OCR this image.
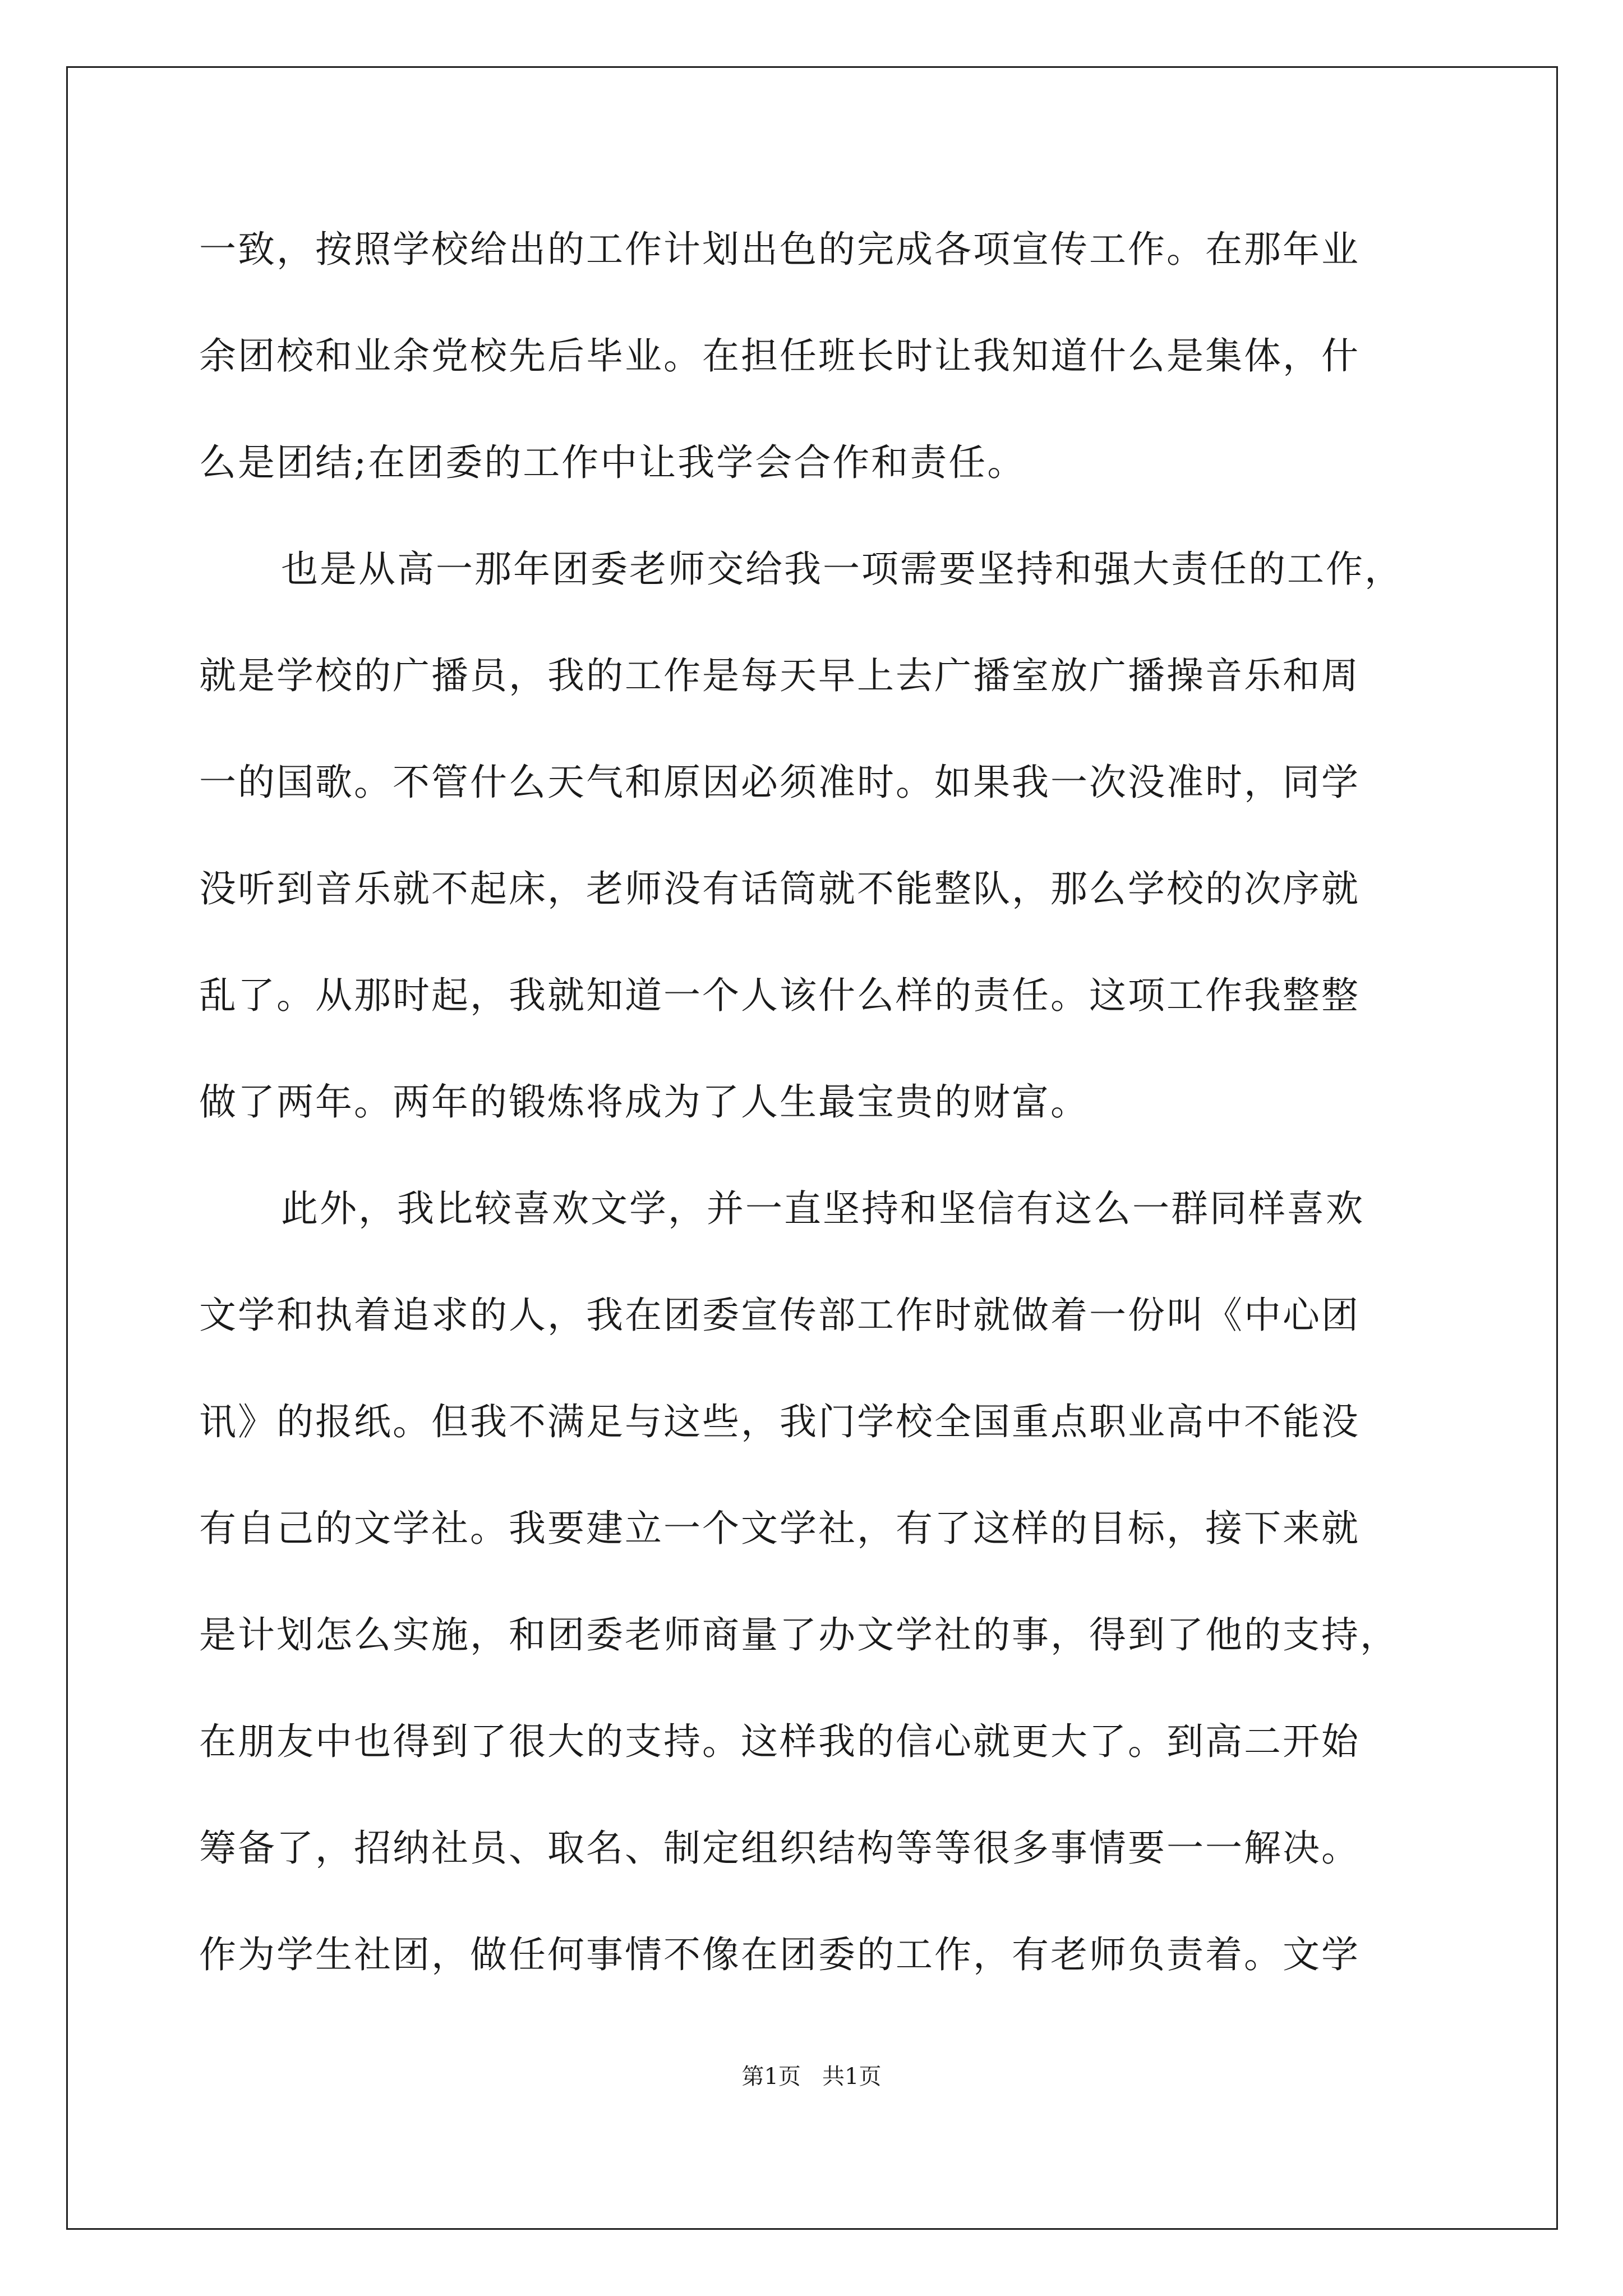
一致，按照学校给出的工作计划出色的完成各项宣传工作。在那年业
余团校和业余党校先后毕业。在担任班长时让我知道什么是集体，什
么是团结;在团委的工作中让我学会合作和责任。
也是从高一那年团委老师交给我一项需要坚持和强大责任的工作，
就是学校的广播员，我的工作是每天早上去广播室放广播操音乐和周
一的国歌。不管什么天气和原因必须准时。如果我一次没准时，同学
没听到音乐就不起床，老师没有话筒就不能整队，那么学校的次序就
乱了。从那时起，我就知道一个人该什么样的责任。这项工作我整整
做了两年。两年的锻炼将成为了人生最宝贵的财富。
此外，我比较喜欢文学，并一直坚持和坚信有这么一群同样喜欢
文学和执着追求的人，我在团委宣传部工作时就做着一份叫《中心团
讯》的报纸。但我不满足与这些，我门学校全国重点职业高中不能没
有自己的文学社。我要建立一个文学社，有了这样的目标，接下来就
是计划怎么实施，和团委老师商量了办文学社的事，得到了他的支持，
在朋友中也得到了很大的支持。这样我的信心就更大了。到高二开始
筹备了，招纳社员、取名、制定组织结构等等很多事情要一一解决。
作为学生社团，做任何事情不像在团委的工作，有老师负责着。文学
第1页   共1页
